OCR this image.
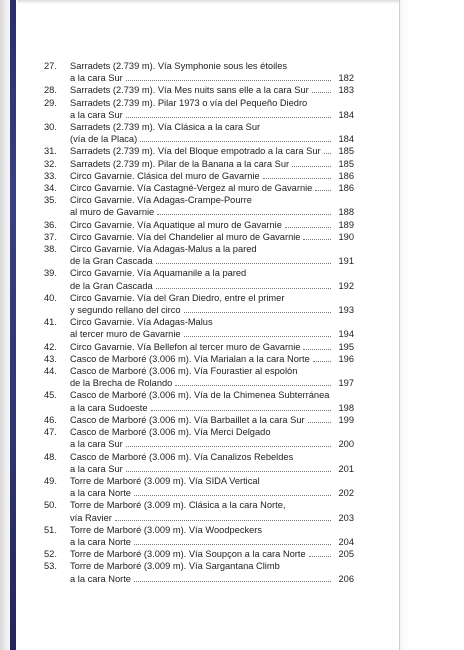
27. Sarradets (2.739 m). Vía Symphonie sous les étoiles
a la cara Sur	182
28. Sarradets (2.739 m). Vía Mes nuits sans elle a la cara Sur	183
29. Sarradets (2.739 m). Pilar 1973 o vía del Pequeño Diedro
a la cara Sur	184
30. Sarradets (2.739 m). Vía Clásica a la cara Sur
(vía de la Placa)	184
31. Sarradets (2.739 m). Vía del Bloque empotrado a la cara Sur	185
32. Sarradets (2.739 m). Pilar de la Banana a la cara Sur	185
33. Circo Gavarnie. Clásica del muro de Gavarnie	186
34. Circo Gavarnie. Vía Castagné-Vergez al muro de Gavarnie	186
35. Circo Gavarnie. Vía Adagas-Crampe-Pourre
al muro de Gavarnie	188
36. Circo Gavarnie. Vía Aquatique al muro de Gavarnie	189
37. Circo Gavarnie. Vía del Chandelier al muro de Gavarnie	190
38. Circo Gavarnie. Vía Adagas-Malus a la pared
de la Gran Cascada	191
39. Circo Gavarnie. Vía Aquamanile a la pared
de la Gran Cascada	192
40. Circo Gavarnie. Vía del Gran Diedro, entre el primer
y segundo rellano del circo	193
41. Circo Gavarnie. Vía Adagas-Malus
al tercer muro de Gavarnie	194
42. Circo Gavarnie. Vía Bellefon al tercer muro de Gavarnie	195
43. Casco de Marboré (3.006 m). Vía Marialan a la cara Norte	196
44. Casco de Marboré (3.006 m). Vía Fourastier al espolón
de la Brecha de Rolando	197
45. Casco de Marboré (3.006 m). Vía de la Chimenea Subterránea
a la cara Sudoeste	198
46. Casco de Marboré (3.006 m). Vía Barbaillet a la cara Sur	199
47. Casco de Marboré (3.006 m). Vía Merci Delgado
a la cara Sur	200
48. Casco de Marboré (3.006 m). Vía Canalizos Rebeldes
a la cara Sur	201
49. Torre de Marboré (3.009 m). Vía SIDA Vertical
a la cara Norte	202
50. Torre de Marboré (3.009 m). Clásica a la cara Norte,
vía Ravier	203
51. Torre de Marboré (3.009 m). Vía Woodpeckers
a la cara Norte	204
52. Torre de Marboré (3.009 m). Vía Soupçon a la cara Norte	205
53. Torre de Marboré (3.009 m). Vía Sargantana Climb
a la cara Norte	206
